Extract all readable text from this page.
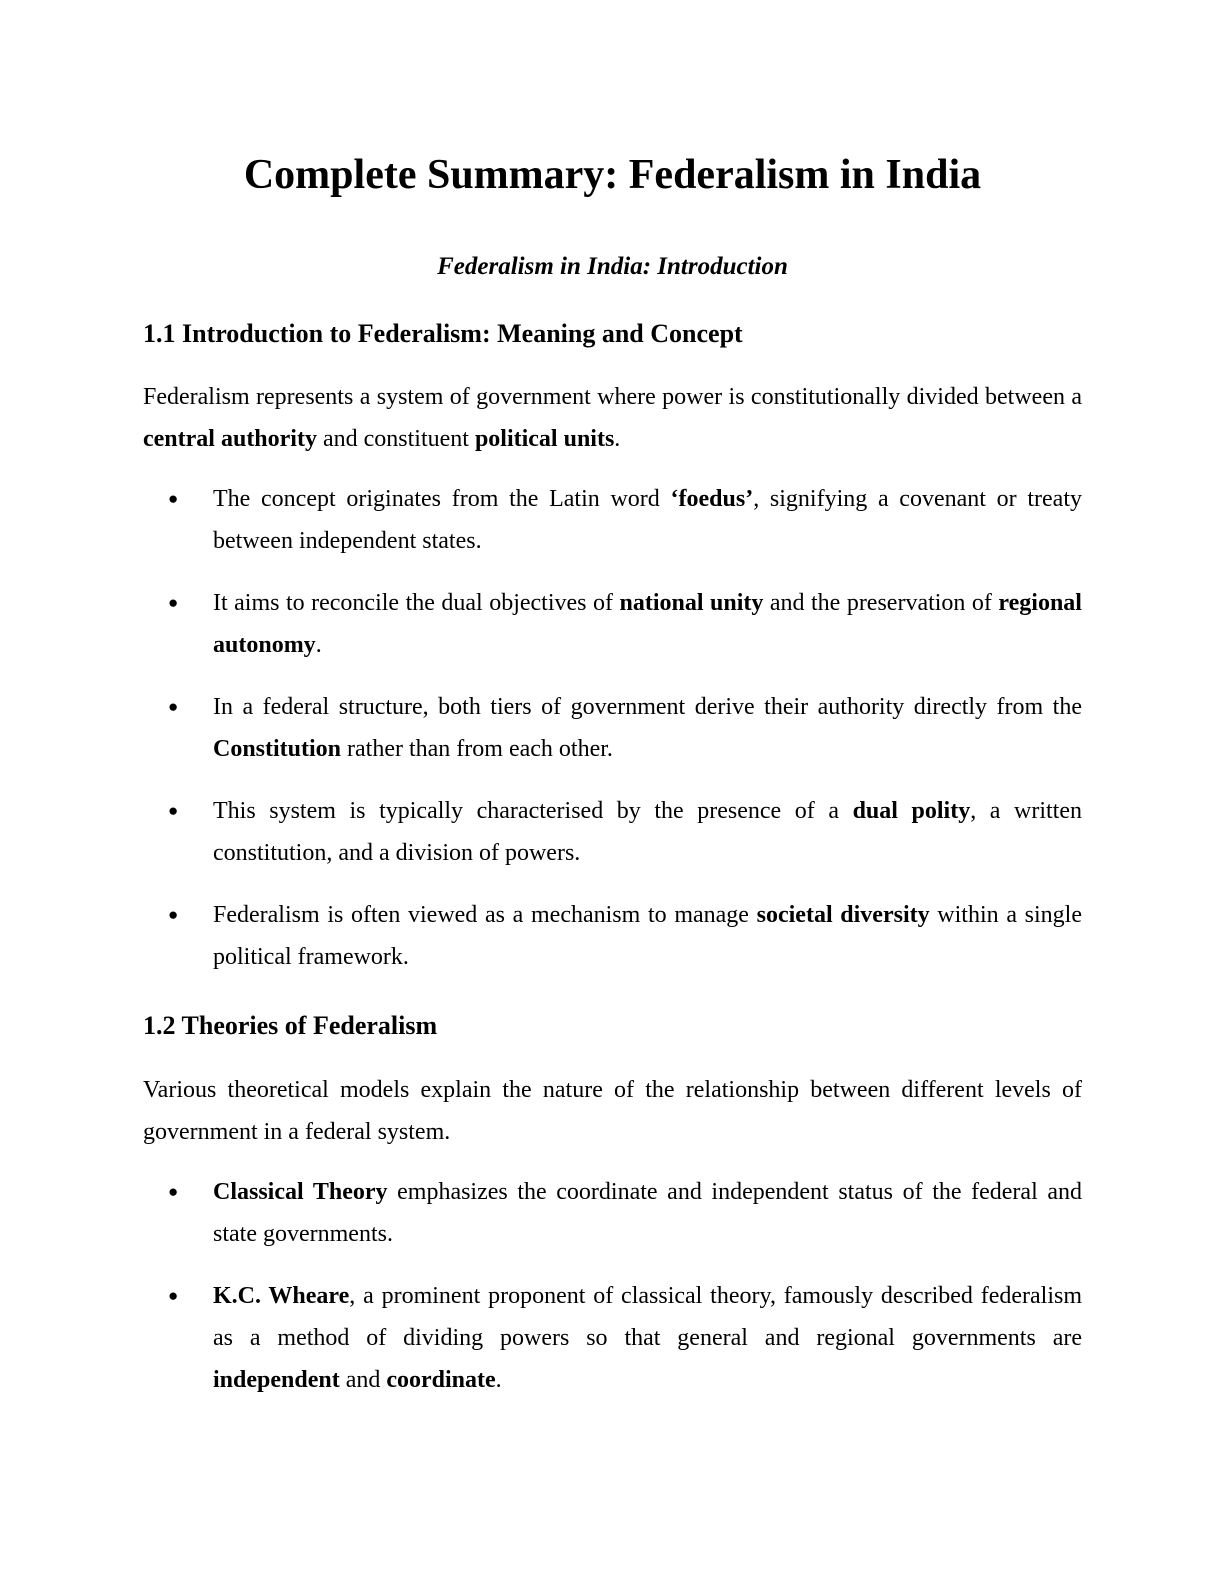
Complete Summary: Federalism in India

Federalism in India: Introduction

1.1 Introduction to Federalism: Meaning and Concept

Federalism represents a system of government where power is constitutionally divided between a central authority and constituent political units.

●	The concept originates from the Latin word ‘foedus’, signifying a covenant or treaty between independent states.
●	It aims to reconcile the dual objectives of national unity and the preservation of regional autonomy.
●	In a federal structure, both tiers of government derive their authority directly from the Constitution rather than from each other.
●	This system is typically characterised by the presence of a dual polity, a written constitution, and a division of powers.
●	Federalism is often viewed as a mechanism to manage societal diversity within a single political framework.
1.2 Theories of Federalism

Various theoretical models explain the nature of the relationship between different levels of government in a federal system.

●	Classical Theory emphasizes the coordinate and independent status of the federal and state governments.
●	K.C. Wheare, a prominent proponent of classical theory, famously described federalism as a method of dividing powers so that general and regional governments are independent and coordinate.
